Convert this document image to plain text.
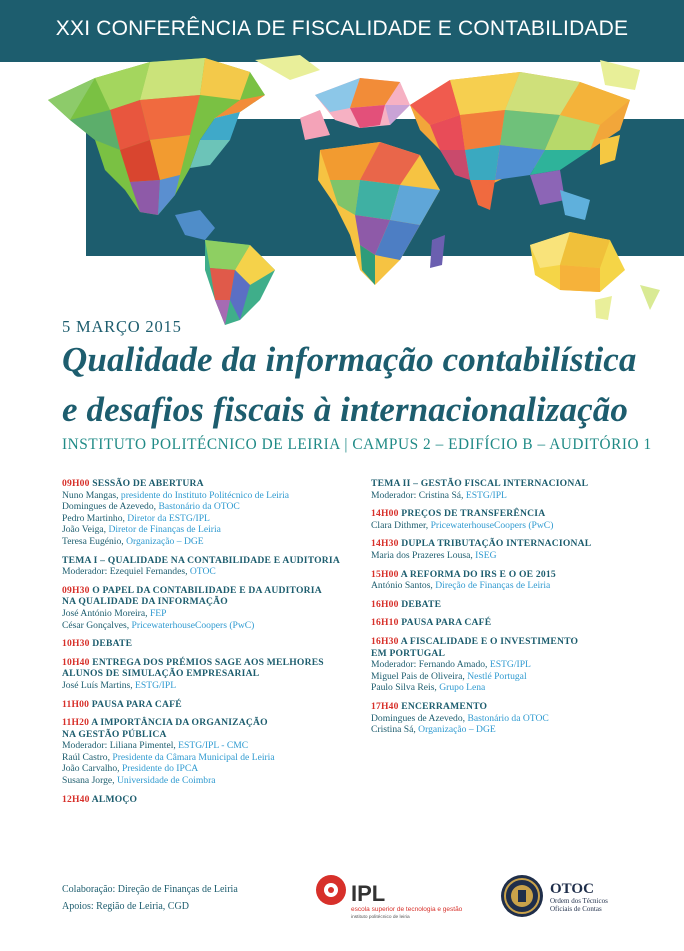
XXI CONFERÊNCIA DE FISCALIDADE E CONTABILIDADE
5 MARÇO 2015
Qualidade da informação contabilística
e desafios fiscais à internacionalização
INSTITUTO POLITÉCNICO DE LEIRIA | CAMPUS 2 – EDIFÍCIO B – AUDITÓRIO 1
09H00 SESSÃO DE ABERTURA
Nuno Mangas, presidente do Instituto Politécnico de Leiria
Domingues de Azevedo, Bastonário da OTOC
Pedro Martinho, Diretor da ESTG/IPL
João Veiga, Diretor de Finanças de Leiria
Teresa Eugénio, Organização – DGE
TEMA I – QUALIDADE NA CONTABILIDADE E AUDITORIA
Moderador: Ezequiel Fernandes, OTOC
09H30 O PAPEL DA CONTABILIDADE E DA AUDITORIA
NA QUALIDADE DA INFORMAÇÃO
José António Moreira, FEP
César Gonçalves, PricewaterhouseCoopers (PwC)
10H30 DEBATE
10H40 ENTREGA DOS PRÉMIOS SAGE AOS MELHORES
ALUNOS DE SIMULAÇÃO EMPRESARIAL
José Luís Martins, ESTG/IPL
11H00 PAUSA PARA CAFÉ
11H20 A IMPORTÂNCIA DA ORGANIZAÇÃO
NA GESTÃO PÚBLICA
Moderador: Liliana Pimentel, ESTG/IPL - CMC
Raúl Castro, Presidente da Câmara Municipal de Leiria
João Carvalho, Presidente do IPCA
Susana Jorge, Universidade de Coimbra
12H40 ALMOÇO
TEMA II – GESTÃO FISCAL INTERNACIONAL
Moderador: Cristina Sá, ESTG/IPL
14H00 PREÇOS DE TRANSFERÊNCIA
Clara Dithmer, PricewaterhouseCoopers (PwC)
14H30 DUPLA TRIBUTAÇÃO INTERNACIONAL
Maria dos Prazeres Lousa, ISEG
15H00 A REFORMA DO IRS E O OE 2015
António Santos, Direção de Finanças de Leiria
16H00 DEBATE
16H10 PAUSA PARA CAFÉ
16H30 A FISCALIDADE E O INVESTIMENTO
EM PORTUGAL
Moderador: Fernando Amado, ESTG/IPL
Miguel Pais de Oliveira, Nestlé Portugal
Paulo Silva Reis, Grupo Lena
17H40 ENCERRAMENTO
Domingues de Azevedo, Bastonário da OTOC
Cristina Sá, Organização – DGE
Colaboração: Direção de Finanças de Leiria
Apoios: Região de Leiria, CGD
IPL
escola superior de tecnologia e gestão
instituto politécnico de leiria
OTOC
Ordem dos Técnicos
Oficiais de Contas
